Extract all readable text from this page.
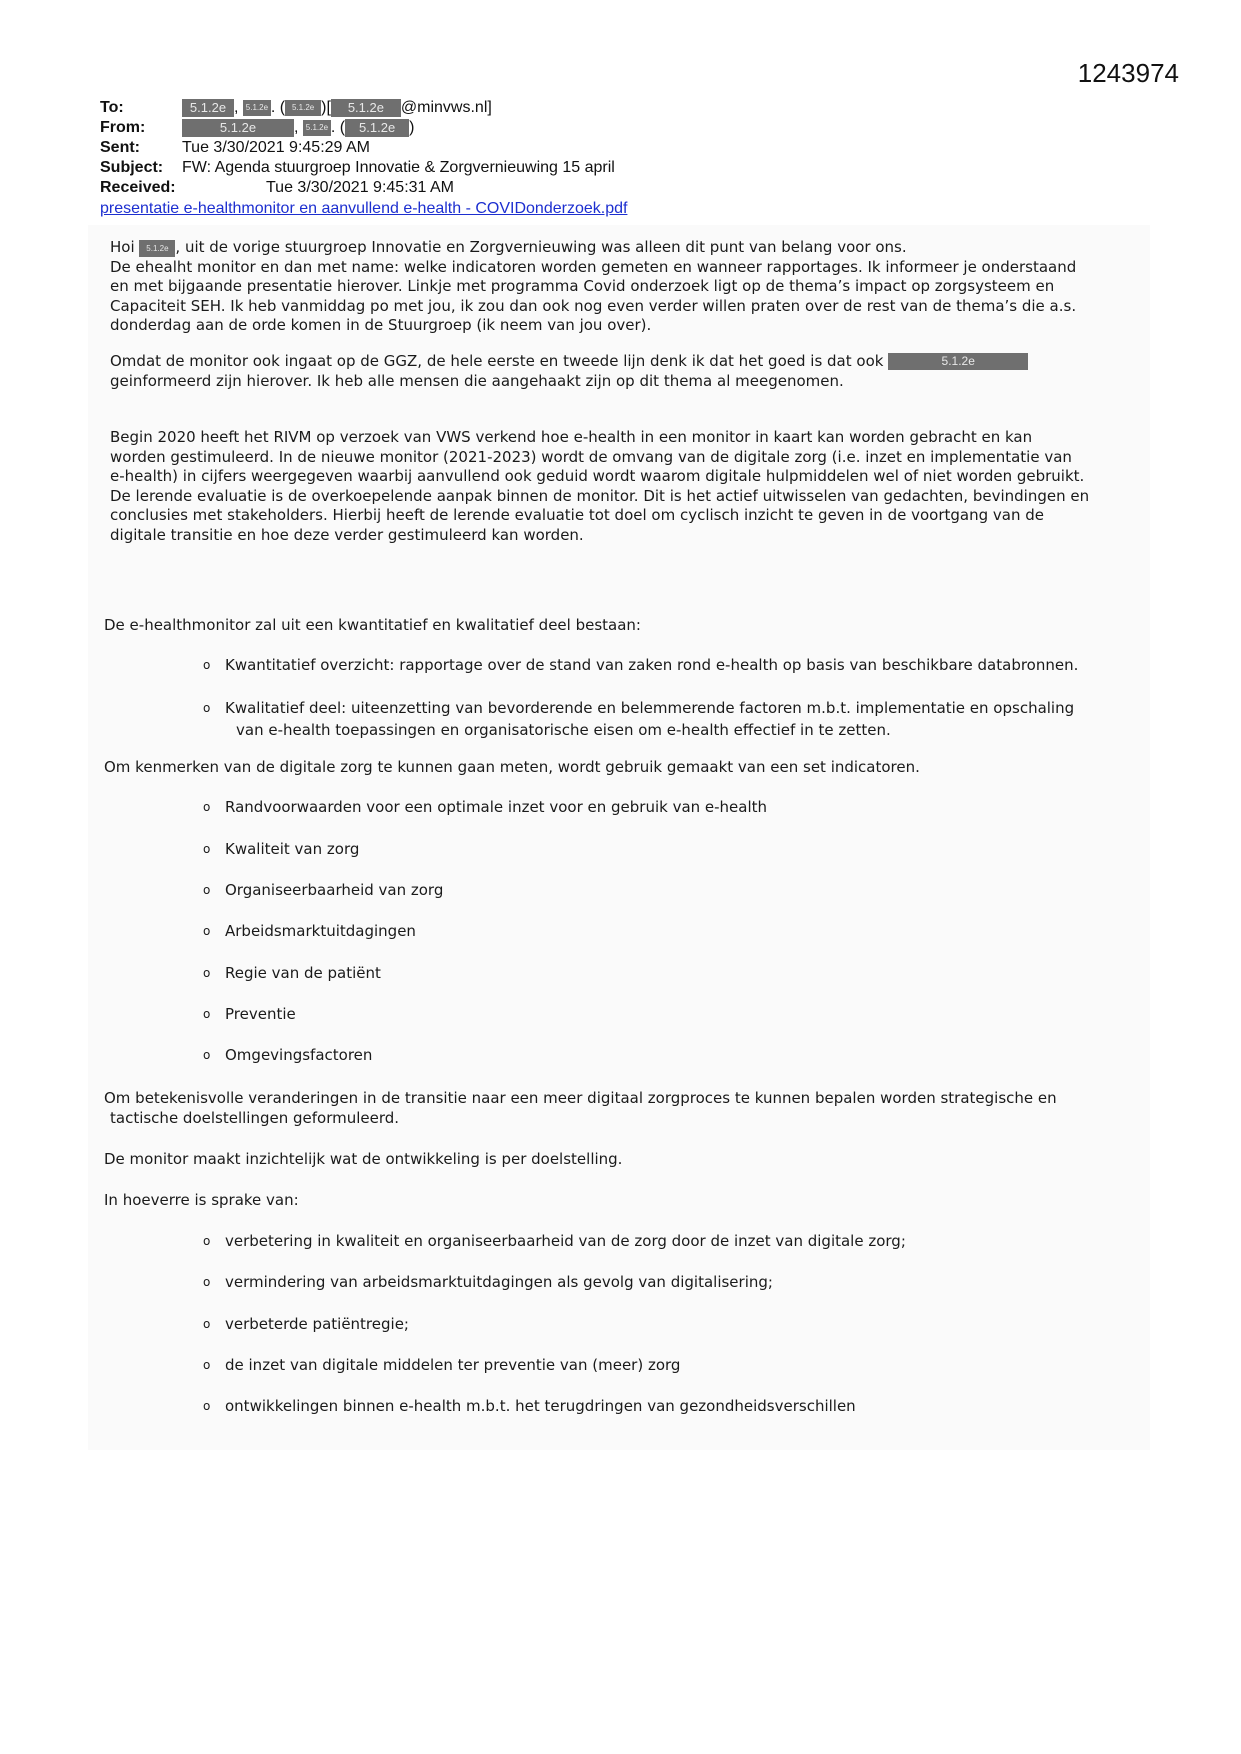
1243974
To:	5.1.2e , 5.1.2e . ( 5.1.2e )[ 5.1.2e @minvws.nl]
From:	5.1.2e , 5.1.2e . ( 5.1.2e )
Sent:	Tue 3/30/2021 9:45:29 AM
Subject: FW: Agenda stuurgroep Innovatie & Zorgvernieuwing 15 april
Received:	Tue 3/30/2021 9:45:31 AM
presentatie e-healthmonitor en aanvullend e-health - COVIDonderzoek.pdf
Hoi 5.1.2e , uit de vorige stuurgroep Innovatie en Zorgvernieuwing was alleen dit punt van belang voor ons.
De ehealht monitor en dan met name: welke indicatoren worden gemeten en wanneer rapportages. Ik informeer je onderstaand
en met bijgaande presentatie hierover. Linkje met programma Covid onderzoek ligt op de thema’s impact op zorgsysteem en
Capaciteit SEH. Ik heb vanmiddag po met jou, ik zou dan ook nog even verder willen praten over de rest van de thema’s die a.s.
donderdag aan de orde komen in de Stuurgroep (ik neem van jou over).
Omdat de monitor ook ingaat op de GGZ, de hele eerste en tweede lijn denk ik dat het goed is dat ook	5.1.2e
geinformeerd zijn hierover. Ik heb alle mensen die aangehaakt zijn op dit thema al meegenomen.
Begin 2020 heeft het RIVM op verzoek van VWS verkend hoe e-health in een monitor in kaart kan worden gebracht en kan
worden gestimuleerd. In de nieuwe monitor (2021-2023) wordt de omvang van de digitale zorg (i.e. inzet en implementatie van
e-health) in cijfers weergegeven waarbij aanvullend ook geduid wordt waarom digitale hulpmiddelen wel of niet worden gebruikt.
De lerende evaluatie is de overkoepelende aanpak binnen de monitor. Dit is het actief uitwisselen van gedachten, bevindingen en
conclusies met stakeholders. Hierbij heeft de lerende evaluatie tot doel om cyclisch inzicht te geven in de voortgang van de
digitale transitie en hoe deze verder gestimuleerd kan worden.
De e-healthmonitor zal uit een kwantitatief en kwalitatief deel bestaan:
o Kwantitatief overzicht: rapportage over de stand van zaken rond e-health op basis van beschikbare databronnen.
o Kwalitatief deel: uiteenzetting van bevorderende en belemmerende factoren m.b.t. implementatie en opschaling
van e-health toepassingen en organisatorische eisen om e-health effectief in te zetten.
Om kenmerken van de digitale zorg te kunnen gaan meten, wordt gebruik gemaakt van een set indicatoren.
o Randvoorwaarden voor een optimale inzet voor en gebruik van e-health
o Kwaliteit van zorg
o Organiseerbaarheid van zorg
o Arbeidsmarktuitdagingen
o Regie van de patiënt
o Preventie
o Omgevingsfactoren
Om betekenisvolle veranderingen in de transitie naar een meer digitaal zorgproces te kunnen bepalen worden strategische en
tactische doelstellingen geformuleerd.
De monitor maakt inzichtelijk wat de ontwikkeling is per doelstelling.
In hoeverre is sprake van:
o verbetering in kwaliteit en organiseerbaarheid van de zorg door de inzet van digitale zorg;
o vermindering van arbeidsmarktuitdagingen als gevolg van digitalisering;
o verbeterde patiëntregie;
o de inzet van digitale middelen ter preventie van (meer) zorg
o ontwikkelingen binnen e-health m.b.t. het terugdringen van gezondheidsverschillen
